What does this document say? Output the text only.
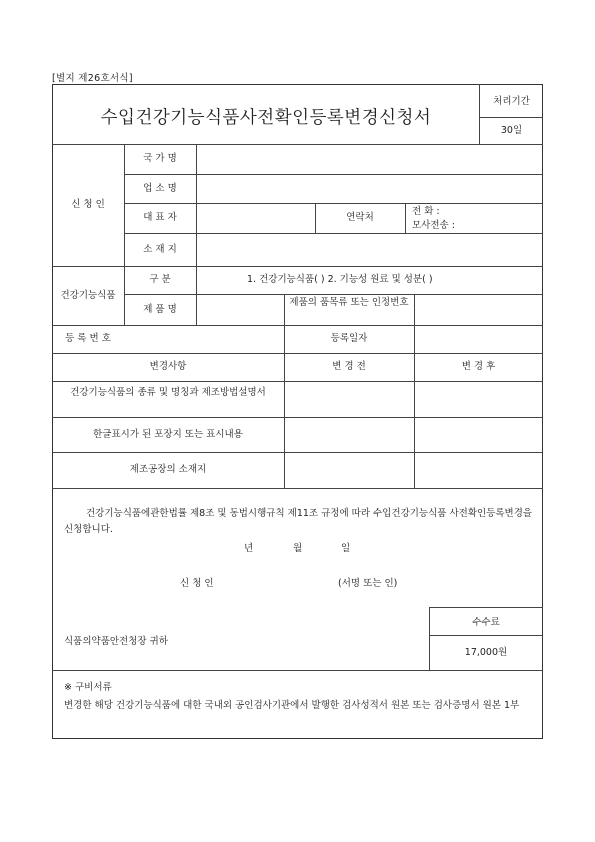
[별지 제26호서식]
수입건강기능식품사전확인등록변경신청서
처리기간
30일
신 청 인
국 가 명
업 소 명
대 표 자	연락처
전 화 :
모사전송 :
소 재 지
건강기능식품
구 분	1. 건강기능식품( ) 2. 기능성 원료 및 성분( )
제 품 명
제품의 품목류 또는 인정번호
등 록 번 호	등록일자
변경사항	변 경 전	변 경 후
건강기능식품의 종류 및 명칭과 제조방법설명서
한글표시가 된 포장지 또는 표시내용
제조공장의 소재지
건강기능식품에관한법률 제8조 및 동법시행규칙 제11조 규정에 따라 수입건강기능식품 사전확인등록변경을 신청합니다.
년	월	일
신 청 인	(서명 또는 인)
식품의약품안전청장 귀하
수수료
17,000원
※ 구비서류
변경한 해당 건강기능식품에 대한 국내외 공인검사기관에서 발행한 검사성적서 원본 또는 검사증명서 원본 1부
